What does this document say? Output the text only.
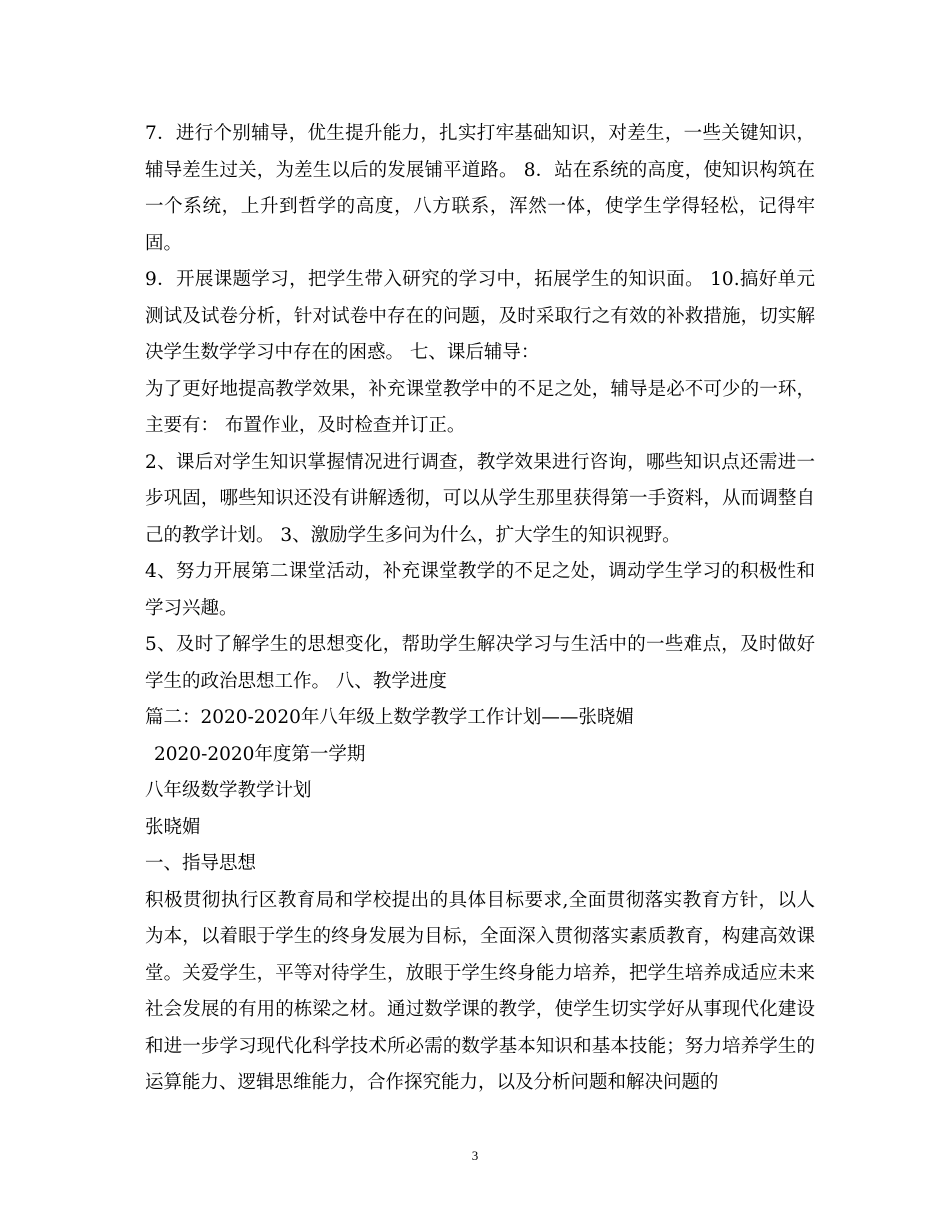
7．进行个别辅导，优生提升能力，扎实打牢基础知识，对差生，一些关键知识，辅导差生过关，为差生以后的发展铺平道路。 8．站在系统的高度，使知识构筑在一个系统，上升到哲学的高度，八方联系，浑然一体，使学生学得轻松，记得牢固。

9．开展课题学习，把学生带入研究的学习中，拓展学生的知识面。 10.搞好单元测试及试卷分析，针对试卷中存在的问题，及时采取行之有效的补救措施，切实解决学生数学学习中存在的困惑。 七、课后辅导：

为了更好地提高教学效果，补充课堂教学中的不足之处，辅导是必不可少的一环，主要有： 布置作业，及时检查并订正。

2、课后对学生知识掌握情况进行调查，教学效果进行咨询，哪些知识点还需进一步巩固，哪些知识还没有讲解透彻，可以从学生那里获得第一手资料，从而调整自己的教学计划。 3、激励学生多问为什么，扩大学生的知识视野。

4、努力开展第二课堂活动，补充课堂教学的不足之处，调动学生学习的积极性和学习兴趣。

5、及时了解学生的思想变化，帮助学生解决学习与生活中的一些难点，及时做好学生的政治思想工作。 八、教学进度

篇二：2020-2020年八年级上数学教学工作计划——张晓媚

2020-2020年度第一学期

八年级数学教学计划

张晓媚

一、指导思想

积极贯彻执行区教育局和学校提出的具体目标要求,全面贯彻落实教育方针，以人为本，以着眼于学生的终身发展为目标，全面深入贯彻落实素质教育，构建高效课堂。关爱学生，平等对待学生，放眼于学生终身能力培养，把学生培养成适应未来社会发展的有用的栋梁之材。通过数学课的教学，使学生切实学好从事现代化建设和进一步学习现代化科学技术所必需的数学基本知识和基本技能；努力培养学生的运算能力、逻辑思维能力，合作探究能力，以及分析问题和解决问题的

3
